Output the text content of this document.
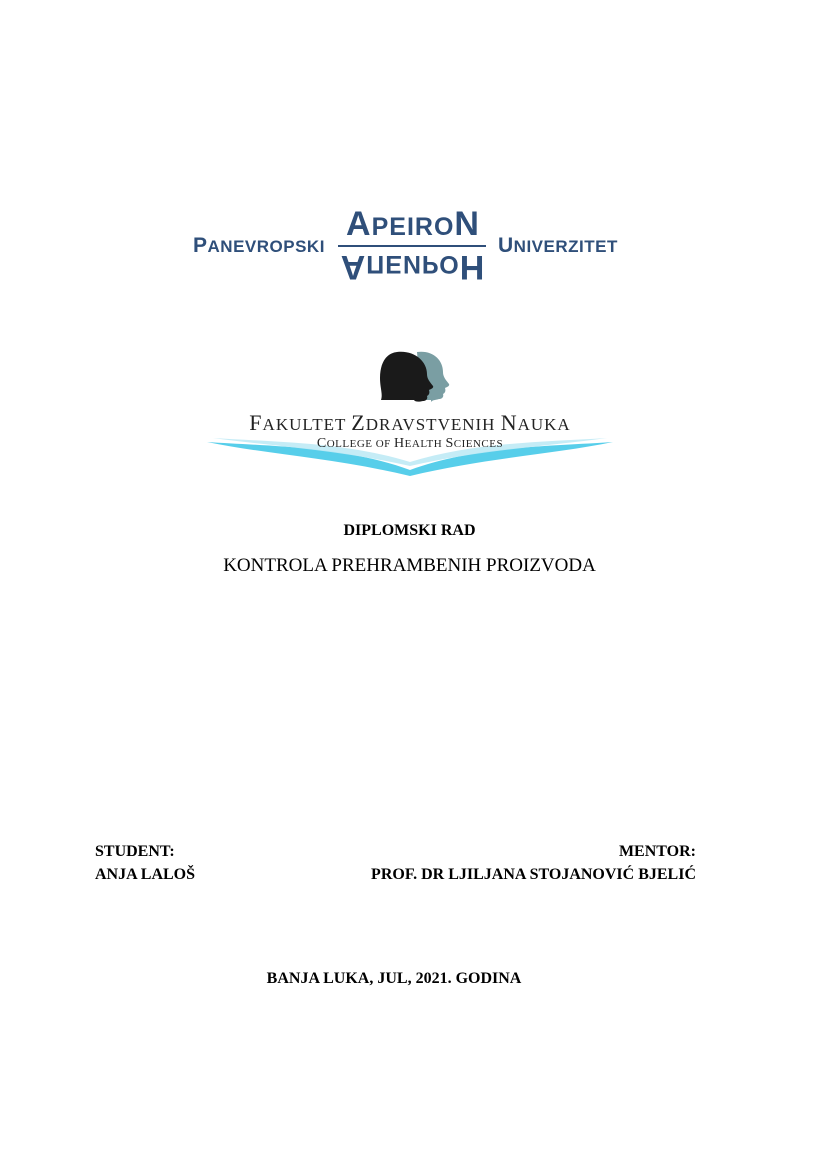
PANEVROPSKI
APEIRON
AПЕИРОН
UNIVERZITET
FAKULTET ZDRAVSTVENIH NAUKA
COLLEGE OF HEALTH SCIENCES
DIPLOMSKI RAD
KONTROLA PREHRAMBENIH PROIZVODA
STUDENT:
ANJA LALOŠ
MENTOR:
PROF. DR LJILJANA STOJANOVIĆ BJELIĆ
BANJA LUKA, JUL, 2021. GODINA
